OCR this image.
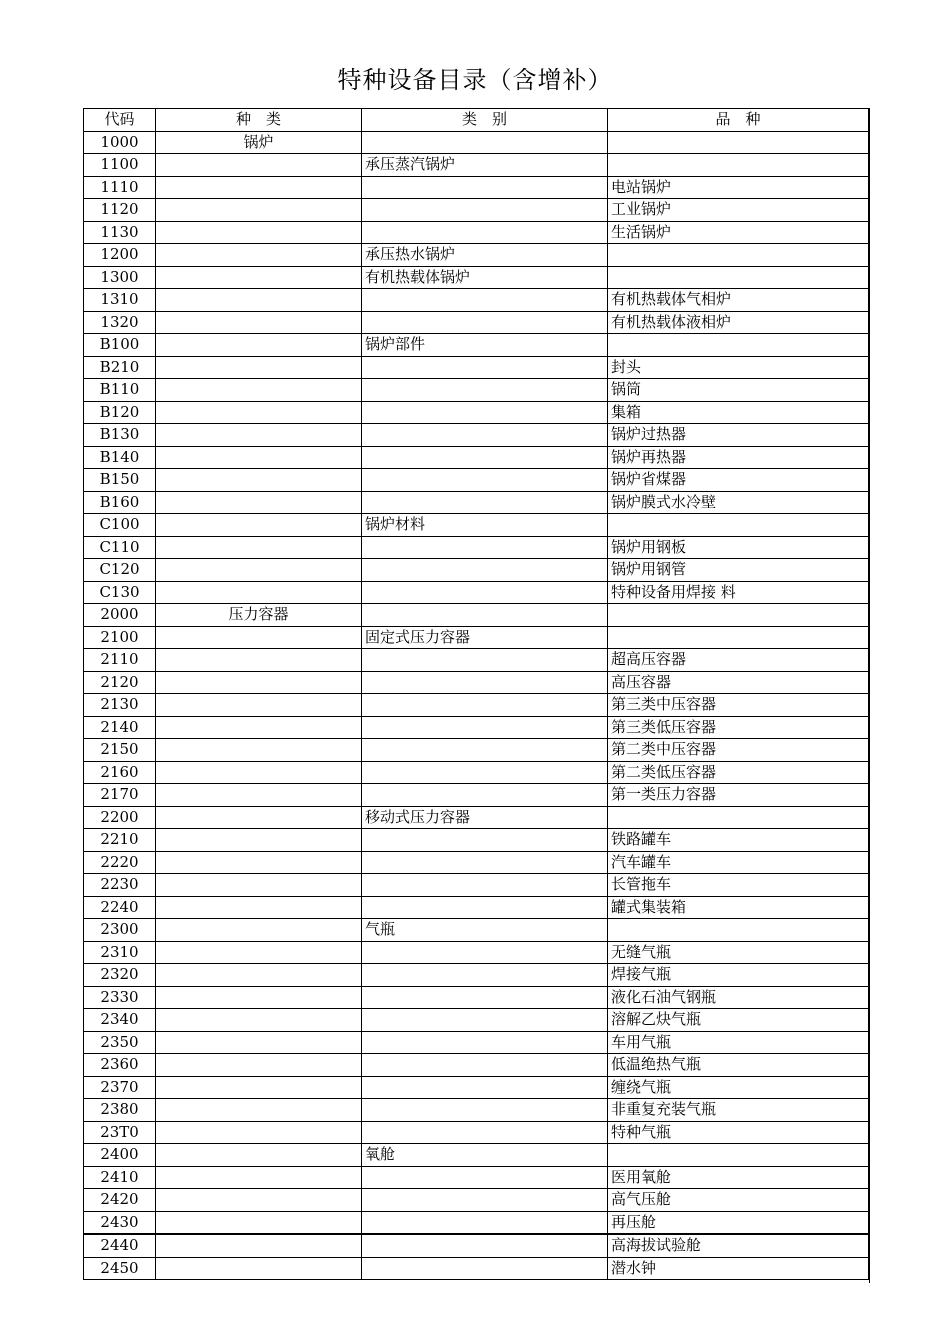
特种设备目录（含增补）
代码	种　类	类　别	品　种
1000	锅炉		
1100		承压蒸汽锅炉	
1110			电站锅炉
1120			工业锅炉
1130			生活锅炉
1200		承压热水锅炉	
1300		有机热载体锅炉	
1310			有机热载体气相炉
1320			有机热载体液相炉
B100		锅炉部件	
B210			封头
B110			锅筒
B120			集箱
B130			锅炉过热器
B140			锅炉再热器
B150			锅炉省煤器
B160			锅炉膜式水冷壁
C100		锅炉材料	
C110			锅炉用钢板
C120			锅炉用钢管
C130			特种设备用焊接 料
2000	压力容器		
2100		固定式压力容器	
2110			超高压容器
2120			高压容器
2130			第三类中压容器
2140			第三类低压容器
2150			第二类中压容器
2160			第二类低压容器
2170			第一类压力容器
2200		移动式压力容器	
2210			铁路罐车
2220			汽车罐车
2230			长管拖车
2240			罐式集装箱
2300		气瓶	
2310			无缝气瓶
2320			焊接气瓶
2330			液化石油气钢瓶
2340			溶解乙炔气瓶
2350			车用气瓶
2360			低温绝热气瓶
2370			缠绕气瓶
2380			非重复充装气瓶
23T0			特种气瓶
2400		氧舱	
2410			医用氧舱
2420			高气压舱
2430			再压舱
2440			高海拔试验舱
2450			潜水钟
